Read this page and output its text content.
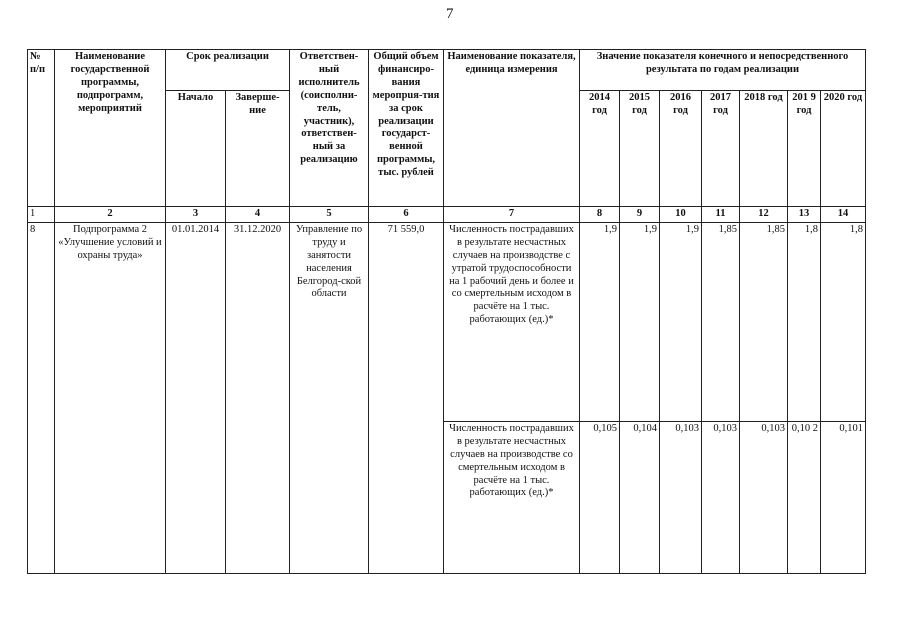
7
№ п/п	Наименование государственной программы, подпрограмм, мероприятий	Срок реализации		Ответствен-ный исполнитель (соисполни-тель, участник), ответствен-ный за реализацию	Общий объем финансиро-вания меропрuя-тия за срок реализации государст-венной программы, тыс. рублей	Наименование показателя, единица измерения	Значение показателя конечного и непосредственного результата по годам реализации						
		Начало	Заверше-ние				2014 год	2015 год	2016 год	2017 год	2018 год	201 9 год	2020 год
1	2	3	4	5	6	7	8	9	10	11	12	13	14
8	Подпрограмма 2 «Улучшение условий и охраны труда»	01.01.2014	31.12.2020	Управление по труду и занятости населения Белгород-ской области	71 559,0	Численность пострадавших в результате несчастных случаев на производстве с утратой трудоспособности на 1 рабочий день и более и со смертельным исходом в расчёте на 1 тыс. работающих (ед.)*	1,9	1,9	1,9	1,85	1,85	1,8	1,8
						Численность пострадавших в результате несчастных случаев на производстве со смертельным исходом в расчёте на 1 тыс. работающих (ед.)*	0,105	0,104	0,103	0,103	0,103	0,10 2	0,101
